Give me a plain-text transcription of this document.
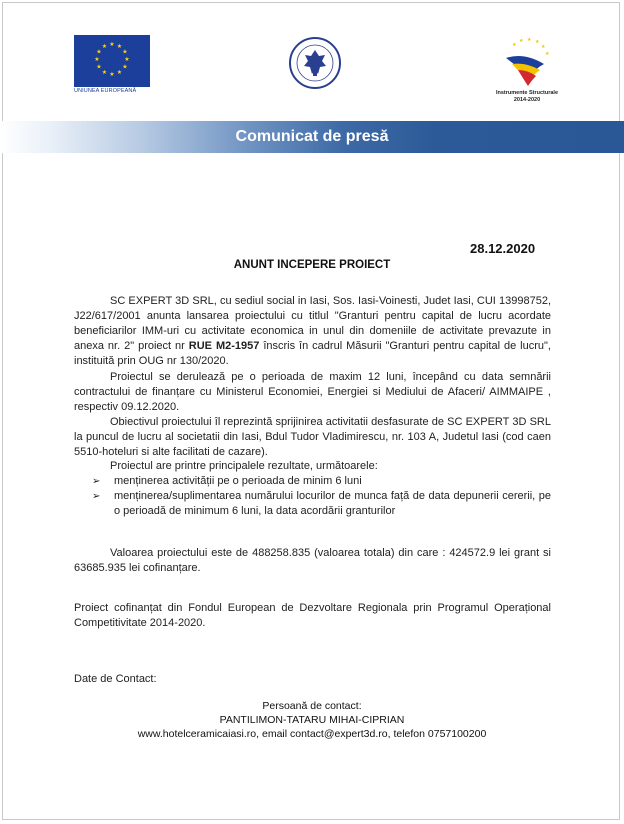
★ ★
★
★
★
★
★
★
★
★
★
★
UNIUNEA EUROPEANĂ
★
★ ★ ★
★
★
Instrumente Structurale
2014-2020
Comunicat de presă
28.12.2020
ANUNT INCEPERE PROIECT

SC EXPERT 3D SRL, cu sediul social in Iasi, Sos. Iasi-Voinesti, Judet Iasi, CUI 13998752, J22/617/2001 anunta lansarea proiectului cu titlul "Granturi pentru capital de lucru acordate beneficiarilor IMM-uri cu activitate economica in unul din domeniile de activitate prevazute in anexa nr. 2" proiect nr RUE M2-1957 înscris în cadrul Măsurii "Granturi pentru capital de lucru", instituită prin OUG nr 130/2020.

Proiectul se derulează pe o perioada de maxim 12 luni, începând cu data semnării contractului de finanțare cu Ministerul Economiei, Energiei si Mediului de Afaceri/ AIMMAIPE , respectiv 09.12.2020.

Obiectivul proiectului îl reprezintă sprijinirea activitatii desfasurate de SC EXPERT 3D SRL la puncul de lucru al societatii din Iasi, Bdul Tudor Vladimirescu, nr. 103 A, Judetul Iasi (cod caen 5510-hoteluri si alte facilitati de cazare).

Proiectul are printre principalele rezultate, următoarele:

➢ menținerea activității pe o perioada de minim 6 luni
➢ menținerea/suplimentarea numărului locurilor de munca față de data depunerii cererii, pe o perioadă de minimum 6 luni, la data acordării granturilor

Valoarea proiectului este de 488258.835 (valoarea totala) din care : 424572.9 lei grant si 63685.935 lei cofinanțare.

Proiect cofinanțat din Fondul European de Dezvoltare Regionala prin Programul Operațional Competitivitate 2014-2020.

Date de Contact:
Persoană de contact:
PANTILIMON-TATARU MIHAI-CIPRIAN
www.hotelceramicaiasi.ro, email contact@expert3d.ro, telefon 0757100200
